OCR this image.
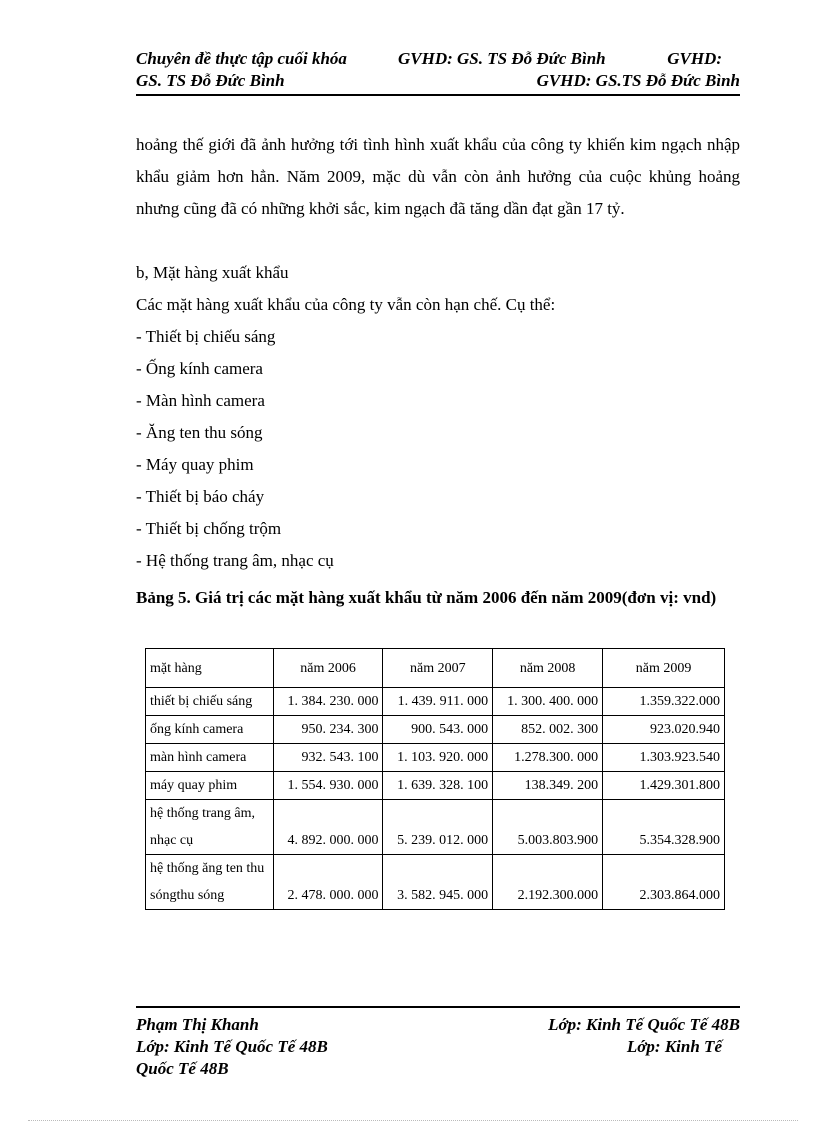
Chuyên đề thực tập cuối khóa	GVHD: GS. TS Đỗ Đức Bình	GVHD:
GS. TS Đỗ Đức Bình	GVHD: GS.TS Đỗ Đức Bình
hoảng thế giới đã ảnh hưởng tới tình hình xuất khẩu của công ty khiến kim ngạch nhập khẩu giảm hơn hẳn. Năm 2009, mặc dù vẫn còn ảnh hưởng của cuộc khủng hoảng nhưng cũng đã có những khởi sắc, kim ngạch đã tăng dần đạt gần 17 tỷ.
b, Mặt hàng xuất khẩu
Các mặt hàng xuất khẩu của công ty vẫn còn hạn chế. Cụ thể:
- Thiết bị chiếu sáng
- Ống kính camera
- Màn hình camera
- Ăng ten thu sóng
- Máy quay phim
- Thiết bị báo cháy
- Thiết bị chống trộm
- Hệ thống trang âm, nhạc cụ
Bảng 5. Giá trị các mặt hàng xuất khẩu từ năm 2006 đến năm 2009(đơn vị: vnd)
mặt hàng	năm 2006	năm 2007	năm 2008	năm 2009
thiết bị chiếu sáng	1. 384. 230. 000	1. 439. 911. 000	1. 300. 400. 000	1.359.322.000
ống kính camera	950. 234. 300	900. 543. 000	852. 002. 300	923.020.940
màn hình camera	932. 543. 100	1. 103. 920. 000	1.278.300. 000	1.303.923.540
máy quay phim	1. 554. 930. 000	1. 639. 328. 100	138.349. 200	1.429.301.800
hệ thống trang âm, nhạc cụ	4. 892. 000. 000	5. 239. 012. 000	5.003.803.900	5.354.328.900
hệ thống ăng ten thu sóngthu sóng	2. 478. 000. 000	3. 582. 945. 000	2.192.300.000	2.303.864.000
Phạm Thị Khanh	Lớp: Kinh Tế Quốc Tế 48B
Lớp: Kinh Tế Quốc Tế 48B	Lớp: Kinh Tế
Quốc Tế 48B
